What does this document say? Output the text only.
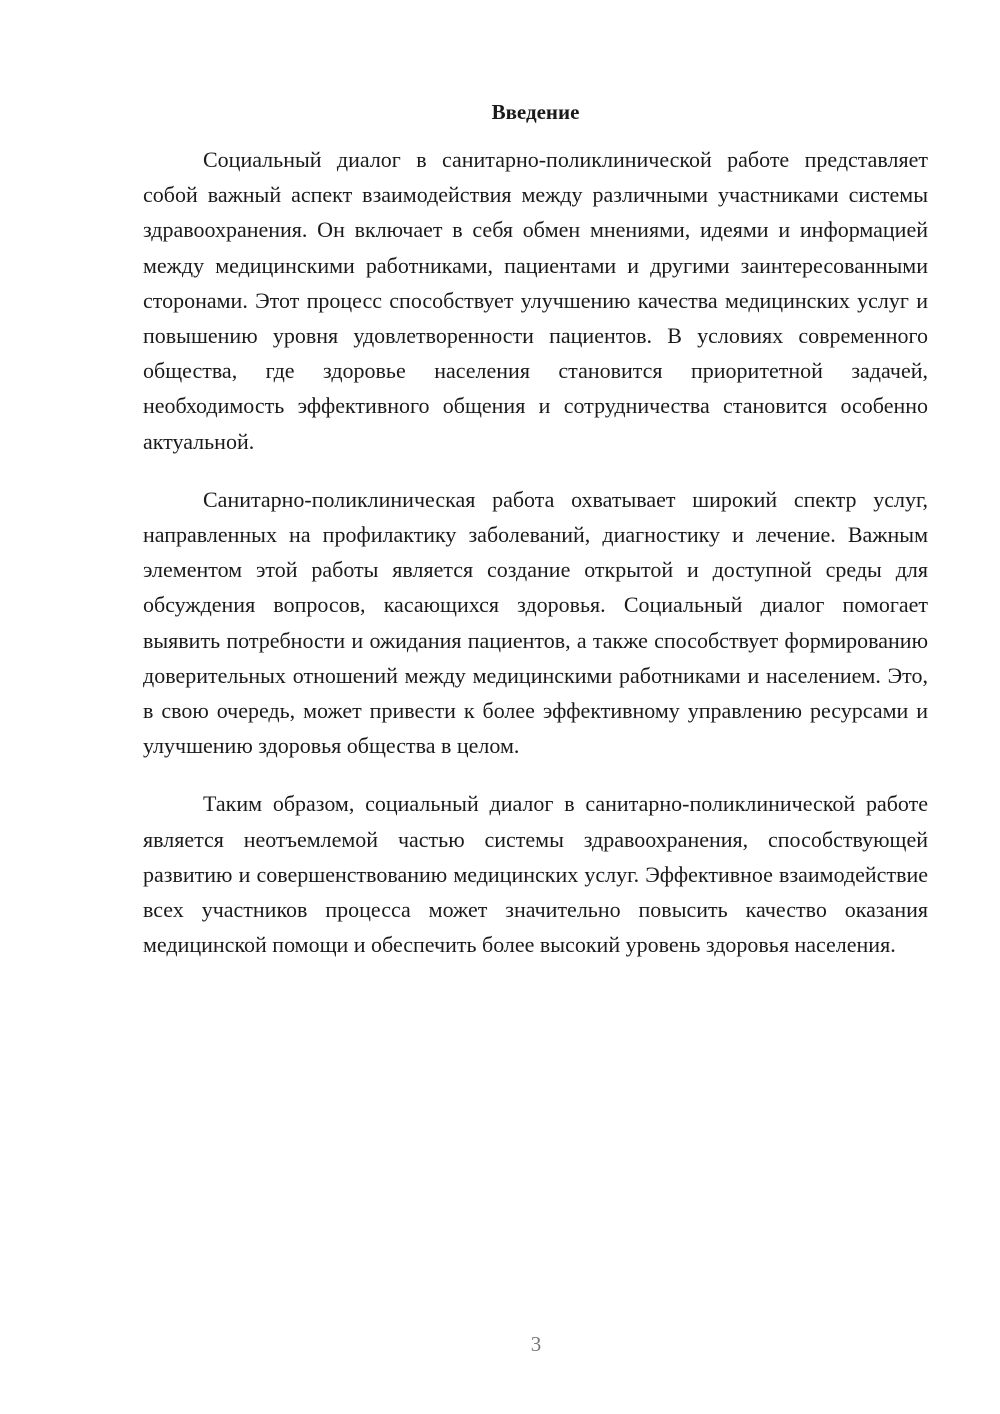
Введение

Социальный диалог в санитарно-поликлинической работе представляет собой важный аспект взаимодействия между различными участниками системы здравоохранения. Он включает в себя обмен мнениями, идеями и информацией между медицинскими работниками, пациентами и другими заинтересованными сторонами. Этот процесс способствует улучшению качества медицинских услуг и повышению уровня удовлетворенности пациентов. В условиях современного общества, где здоровье населения становится приоритетной задачей, необходимость эффективного общения и сотрудничества становится особенно актуальной.

Санитарно-поликлиническая работа охватывает широкий спектр услуг, направленных на профилактику заболеваний, диагностику и лечение. Важным элементом этой работы является создание открытой и доступной среды для обсуждения вопросов, касающихся здоровья. Социальный диалог помогает выявить потребности и ожидания пациентов, а также способствует формированию доверительных отношений между медицинскими работниками и населением. Это, в свою очередь, может привести к более эффективному управлению ресурсами и улучшению здоровья общества в целом.

Таким образом, социальный диалог в санитарно-поликлинической работе является неотъемлемой частью системы здравоохранения, способствующей развитию и совершенствованию медицинских услуг. Эффективное взаимодействие всех участников процесса может значительно повысить качество оказания медицинской помощи и обеспечить более высокий уровень здоровья населения.

3
